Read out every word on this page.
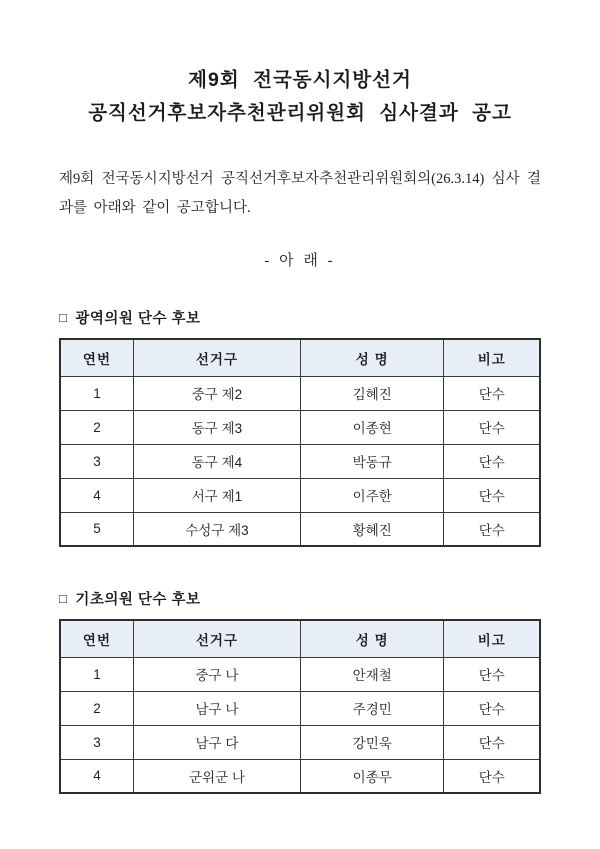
제9회 전국동시지방선거
공직선거후보자추천관리위원회 심사결과 공고

제9회 전국동시지방선거 공직선거후보자추천관리위원회의(26.3.14) 심사 결과를 아래와 같이 공고합니다.

- 아 래 -
□ 광역의원 단수 후보
연번	선거구	성 명	비고
1	중구 제2	김혜진	단수
2	동구 제3	이종현	단수
3	동구 제4	박동규	단수
4	서구 제1	이주한	단수
5	수성구 제3	황혜진	단수
□ 기초의원 단수 후보
연번	선거구	성 명	비고
1	중구 나	안재철	단수
2	남구 나	주경민	단수
3	남구 다	강민욱	단수
4	군위군 나	이종무	단수
